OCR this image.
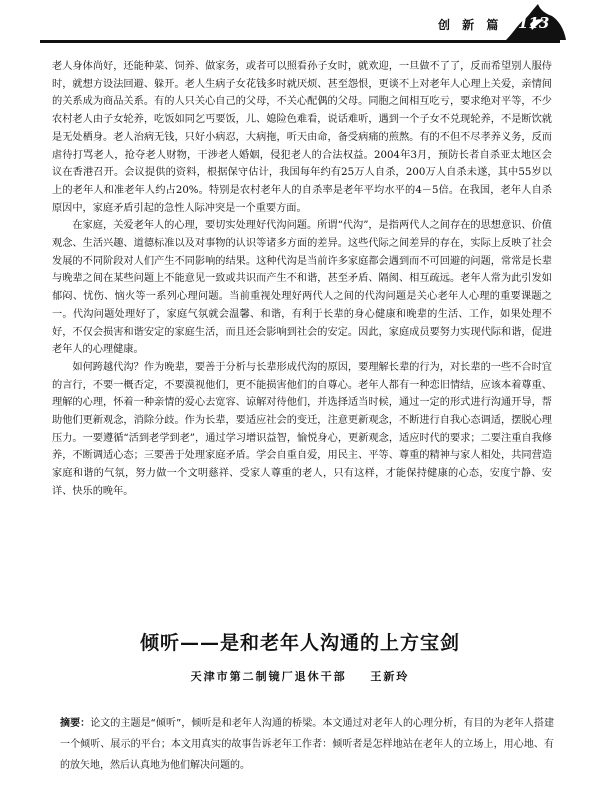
创 新 篇 113

老人身体尚好，还能种菜、饲养、做家务，或者可以照看孙子女时，就欢迎，一旦做不了了，反而希望别人服侍时，就想方设法回避、躲开。老人生病子女花钱多时就厌烦、甚至怨恨，更谈不上对老年人心理上关爱，亲情间的关系成为商品关系。有的人只关心自己的父母，不关心配偶的父母。同胞之间相互吃亏，要求绝对平等，不少农村老人由子女轮养，吃饭如同乞丐要饭，儿、媳险色难看，说话难听，遇到一个子女不兑现轮养，不是断饮就是无处栖身。老人治病无钱，只好小病忍，大病拖，听天由命，备受病痛的煎熬。有的不但不尽孝养义务，反而虐待打骂老人，抢夺老人财物，干涉老人婚姻，侵犯老人的合法权益。2004年3月，预防长者自杀亚太地区会议在香港召开。会议提供的资料，根据保守估计，我国每年约有25万人自杀，200万人自杀未遂，其中55岁以上的老年人和准老年人约占20%。特别是农村老年人的自杀率是老年平均水平的4－5倍。在我国，老年人自杀原因中，家庭矛盾引起的急性人际冲突是一个重要方面。

在家庭，关爱老年人的心理，要切实处理好代沟问题。所谓“代沟”，是指两代人之间存在的思想意识、价值观念、生活兴趣、道德标准以及对事物的认识等诸多方面的差异。这些代际之间差异的存在，实际上反映了社会发展的不同阶段对人们产生不同影响的结果。这种代沟是当前许多家庭都会遇到而不可回避的问题，常常是长辈与晚辈之间在某些问题上不能意见一致或共识而产生不和谐，甚至矛盾、隔阂、相互疏远。老年人常为此引发如郁闷、忧伤、恼火等一系列心理问题。当前重视处理好两代人之间的代沟问题是关心老年人心理的重要课题之一。代沟问题处理好了，家庭气氛就会温馨、和谐，有利于长辈的身心健康和晚辈的生活、工作，如果处理不好，不仅会损害和谐安定的家庭生活，而且还会影响到社会的安定。因此，家庭成员要努力实现代际和谐，促进老年人的心理健康。

如何跨越代沟？作为晚辈，要善于分析与长辈形成代沟的原因，要理解长辈的行为，对长辈的一些不合时宜的言行，不要一概否定，不要漠视他们，更不能损害他们的自尊心。老年人都有一种恋旧情结，应该本着尊重、理解的心理，怀着一种亲情的爱心去宽容、谅解对待他们，并选择适当时候，通过一定的形式进行沟通开导，帮助他们更新观念，消除分歧。作为长辈，要适应社会的变迁，注意更新观念，不断进行自我心态调适，摆脱心理压力。一要遵循“活到老学到老”，通过学习增识益智，愉悦身心，更新观念，适应时代的要求；二要注重自我修养，不断调适心态；三要善于处理家庭矛盾。学会自重自爱，用民主、平等、尊重的精神与家人相处，共同营造家庭和谐的气氛，努力做一个文明慈祥、受家人尊重的老人，只有这样，才能保持健康的心态，安度宁静、安详、快乐的晚年。

倾听——是和老年人沟通的上方宝剑
天津市第二制镜厂退休干部 王新玲
摘要：论文的主题是“倾听”，倾听是和老年人沟通的桥梁。本文通过对老年人的心理分析，有目的为老年人搭建一个倾听、展示的平台；本文用真实的故事告诉老年工作者：倾听者是怎样地站在老年人的立场上，用心地、有的放矢地，然后认真地为他们解决问题的。
